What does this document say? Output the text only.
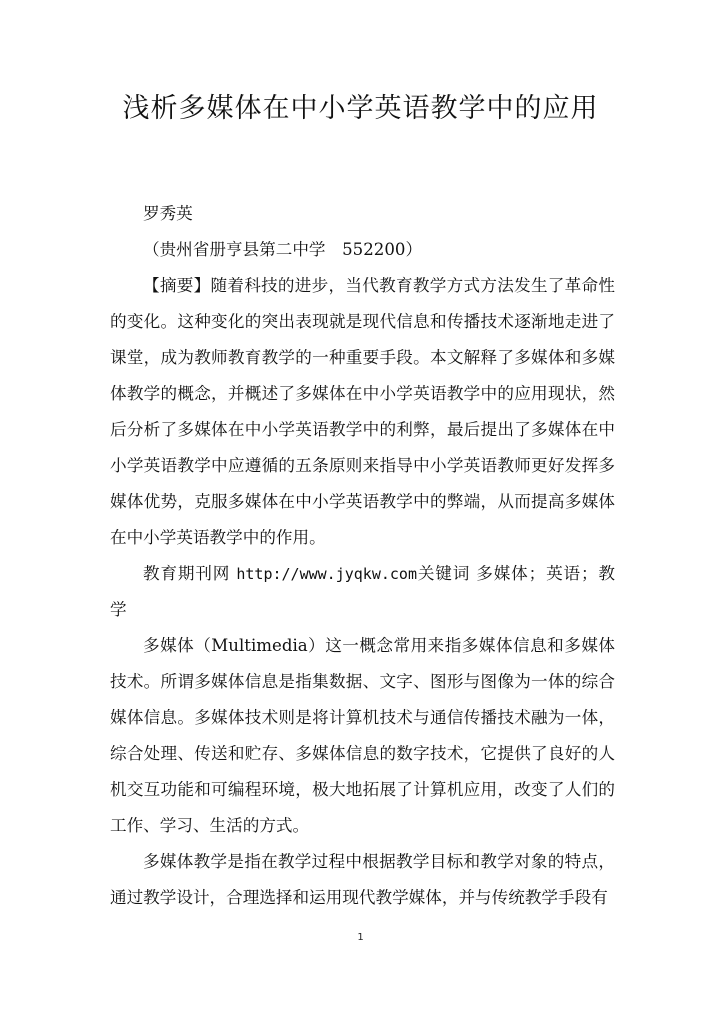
浅析多媒体在中小学英语教学中的应用

罗秀英

（贵州省册亨县第二中学　552200）

【摘要】随着科技的进步，当代教育教学方式方法发生了革命性的变化。这种变化的突出表现就是现代信息和传播技术逐渐地走进了课堂，成为教师教育教学的一种重要手段。本文解释了多媒体和多媒体教学的概念，并概述了多媒体在中小学英语教学中的应用现状，然后分析了多媒体在中小学英语教学中的利弊，最后提出了多媒体在中小学英语教学中应遵循的五条原则来指导中小学英语教师更好发挥多媒体优势，克服多媒体在中小学英语教学中的弊端，从而提高多媒体在中小学英语教学中的作用。

教育期刊网 http://www.jyqkw.com关键词 多媒体；英语；教学

多媒体（Multimedia）这一概念常用来指多媒体信息和多媒体技术。所谓多媒体信息是指集数据、文字、图形与图像为一体的综合媒体信息。多媒体技术则是将计算机技术与通信传播技术融为一体，综合处理、传送和贮存、多媒体信息的数字技术，它提供了良好的人机交互功能和可编程环境，极大地拓展了计算机应用，改变了人们的工作、学习、生活的方式。

多媒体教学是指在教学过程中根据教学目标和教学对象的特点，通过教学设计，合理选择和运用现代教学媒体，并与传统教学手段有

1
